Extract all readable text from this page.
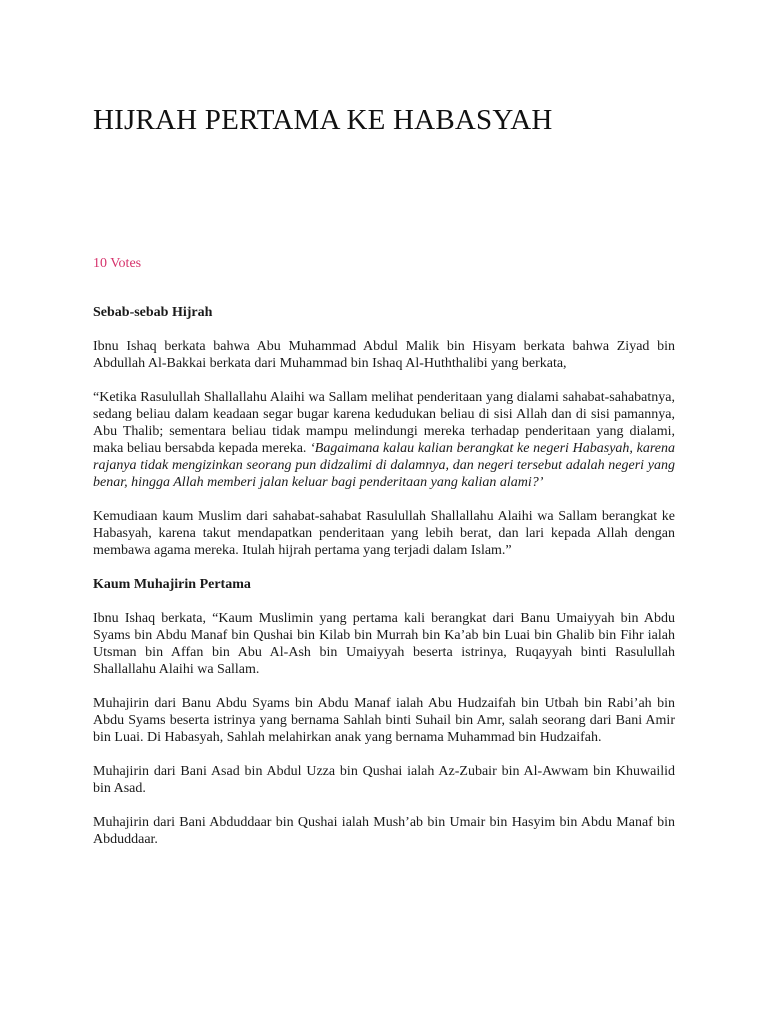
HIJRAH PERTAMA KE HABASYAH
10 Votes
Sebab-sebab Hijrah

Ibnu Ishaq berkata bahwa Abu Muhammad Abdul Malik bin Hisyam berkata bahwa Ziyad bin Abdullah Al-Bakkai berkata dari Muhammad bin Ishaq Al-Huththalibi yang berkata,

“Ketika Rasulullah Shallallahu Alaihi wa Sallam melihat penderitaan yang dialami sahabat-sahabatnya, sedang beliau dalam keadaan segar bugar karena kedudukan beliau di sisi Allah dan di sisi pamannya, Abu Thalib; sementara beliau tidak mampu melindungi mereka terhadap penderitaan yang dialami, maka beliau bersabda kepada mereka. ‘Bagaimana kalau kalian berangkat ke negeri Habasyah, karena rajanya tidak mengizinkan seorang pun didzalimi di dalamnya, dan negeri tersebut adalah negeri yang benar, hingga Allah memberi jalan keluar bagi penderitaan yang kalian alami?’

Kemudiaan kaum Muslim dari sahabat-sahabat Rasulullah Shallallahu Alaihi wa Sallam berangkat ke Habasyah, karena takut mendapatkan penderitaan yang lebih berat, dan lari kepada Allah dengan membawa agama mereka. Itulah hijrah pertama yang terjadi dalam Islam.”

Kaum Muhajirin Pertama

Ibnu Ishaq berkata, “Kaum Muslimin yang pertama kali berangkat dari Banu Umaiyyah bin Abdu Syams bin Abdu Manaf bin Qushai bin Kilab bin Murrah bin Ka’ab bin Luai bin Ghalib bin Fihr ialah Utsman bin Affan bin Abu Al-Ash bin Umaiyyah beserta istrinya, Ruqayyah binti Rasulullah Shallallahu Alaihi wa Sallam.

Muhajirin dari Banu Abdu Syams bin Abdu Manaf ialah Abu Hudzaifah bin Utbah bin Rabi’ah bin Abdu Syams beserta istrinya yang bernama Sahlah binti Suhail bin Amr, salah seorang dari Bani Amir bin Luai. Di Habasyah, Sahlah melahirkan anak yang bernama Muhammad bin Hudzaifah.

Muhajirin dari Bani Asad bin Abdul Uzza bin Qushai ialah Az-Zubair bin Al-Awwam bin Khuwailid bin Asad.

Muhajirin dari Bani Abduddaar bin Qushai ialah Mush’ab bin Umair bin Hasyim bin Abdu Manaf bin Abduddaar.
